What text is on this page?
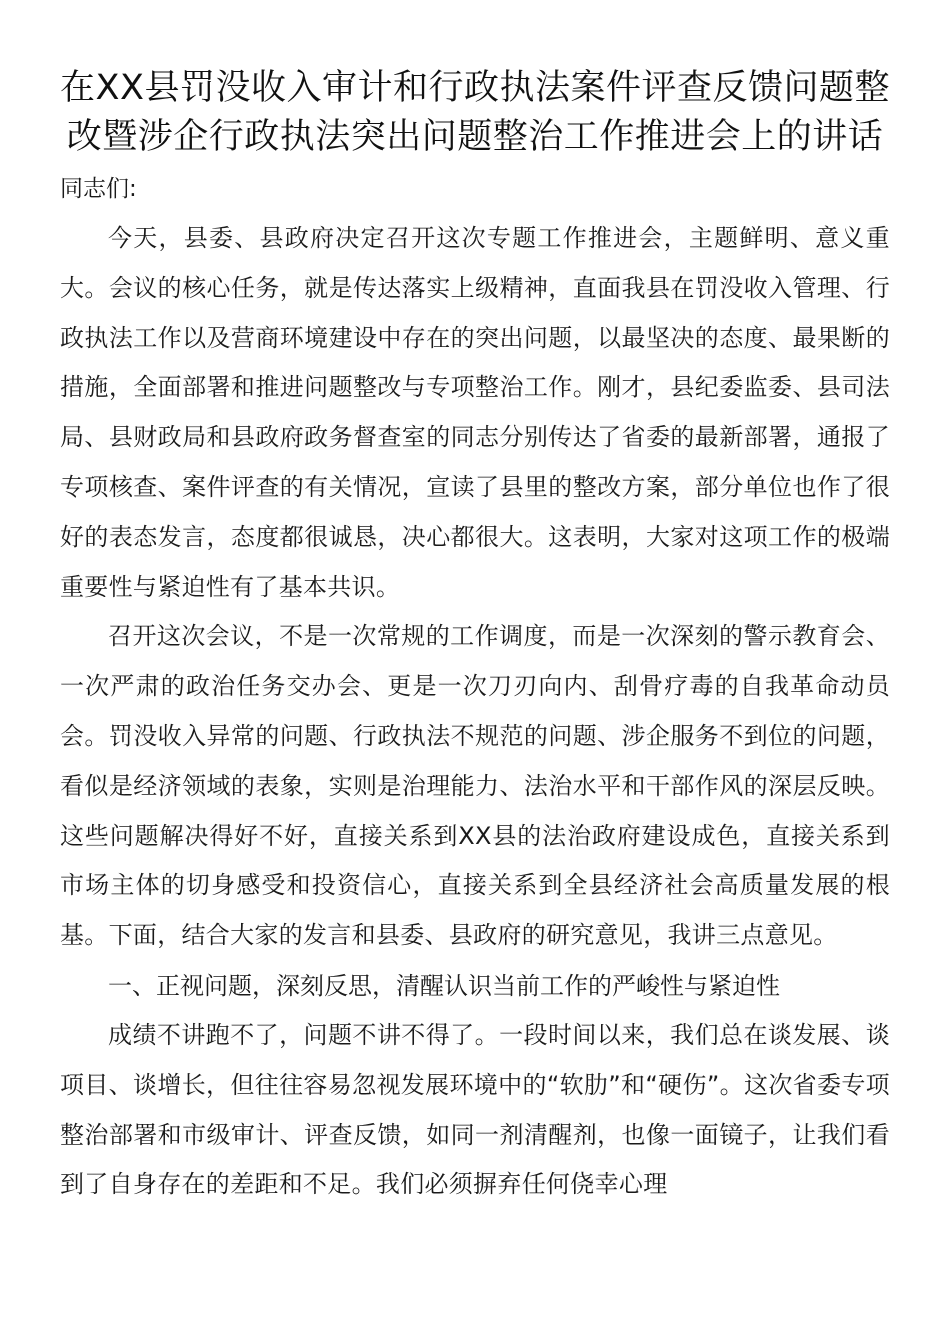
在XX县罚没收入审计和行政执法案件评查反馈问题整
改暨涉企行政执法突出问题整治工作推进会上的讲话

同志们:

今天，县委、县政府决定召开这次专题工作推进会，主题鲜明、意义重大。会议的核心任务，就是传达落实上级精神，直面我县在罚没收入管理、行政执法工作以及营商环境建设中存在的突出问题，以最坚决的态度、最果断的措施，全面部署和推进问题整改与专项整治工作。刚才，县纪委监委、县司法局、县财政局和县政府政务督查室的同志分别传达了省委的最新部署，通报了专项核查、案件评查的有关情况，宣读了县里的整改方案，部分单位也作了很好的表态发言，态度都很诚恳，决心都很大。这表明，大家对这项工作的极端重要性与紧迫性有了基本共识。

召开这次会议，不是一次常规的工作调度，而是一次深刻的警示教育会、一次严肃的政治任务交办会、更是一次刀刃向内、刮骨疗毒的自我革命动员会。罚没收入异常的问题、行政执法不规范的问题、涉企服务不到位的问题，看似是经济领域的表象，实则是治理能力、法治水平和干部作风的深层反映。这些问题解决得好不好，直接关系到XX县的法治政府建设成色，直接关系到市场主体的切身感受和投资信心，直接关系到全县经济社会高质量发展的根基。下面，结合大家的发言和县委、县政府的研究意见，我讲三点意见。

一、正视问题，深刻反思，清醒认识当前工作的严峻性与紧迫性

成绩不讲跑不了，问题不讲不得了。一段时间以来，我们总在谈发展、谈项目、谈增长，但往往容易忽视发展环境中的“软肋”和“硬伤”。这次省委专项整治部署和市级审计、评查反馈，如同一剂清醒剂，也像一面镜子，让我们看到了自身存在的差距和不足。我们必须摒弃任何侥幸心理
